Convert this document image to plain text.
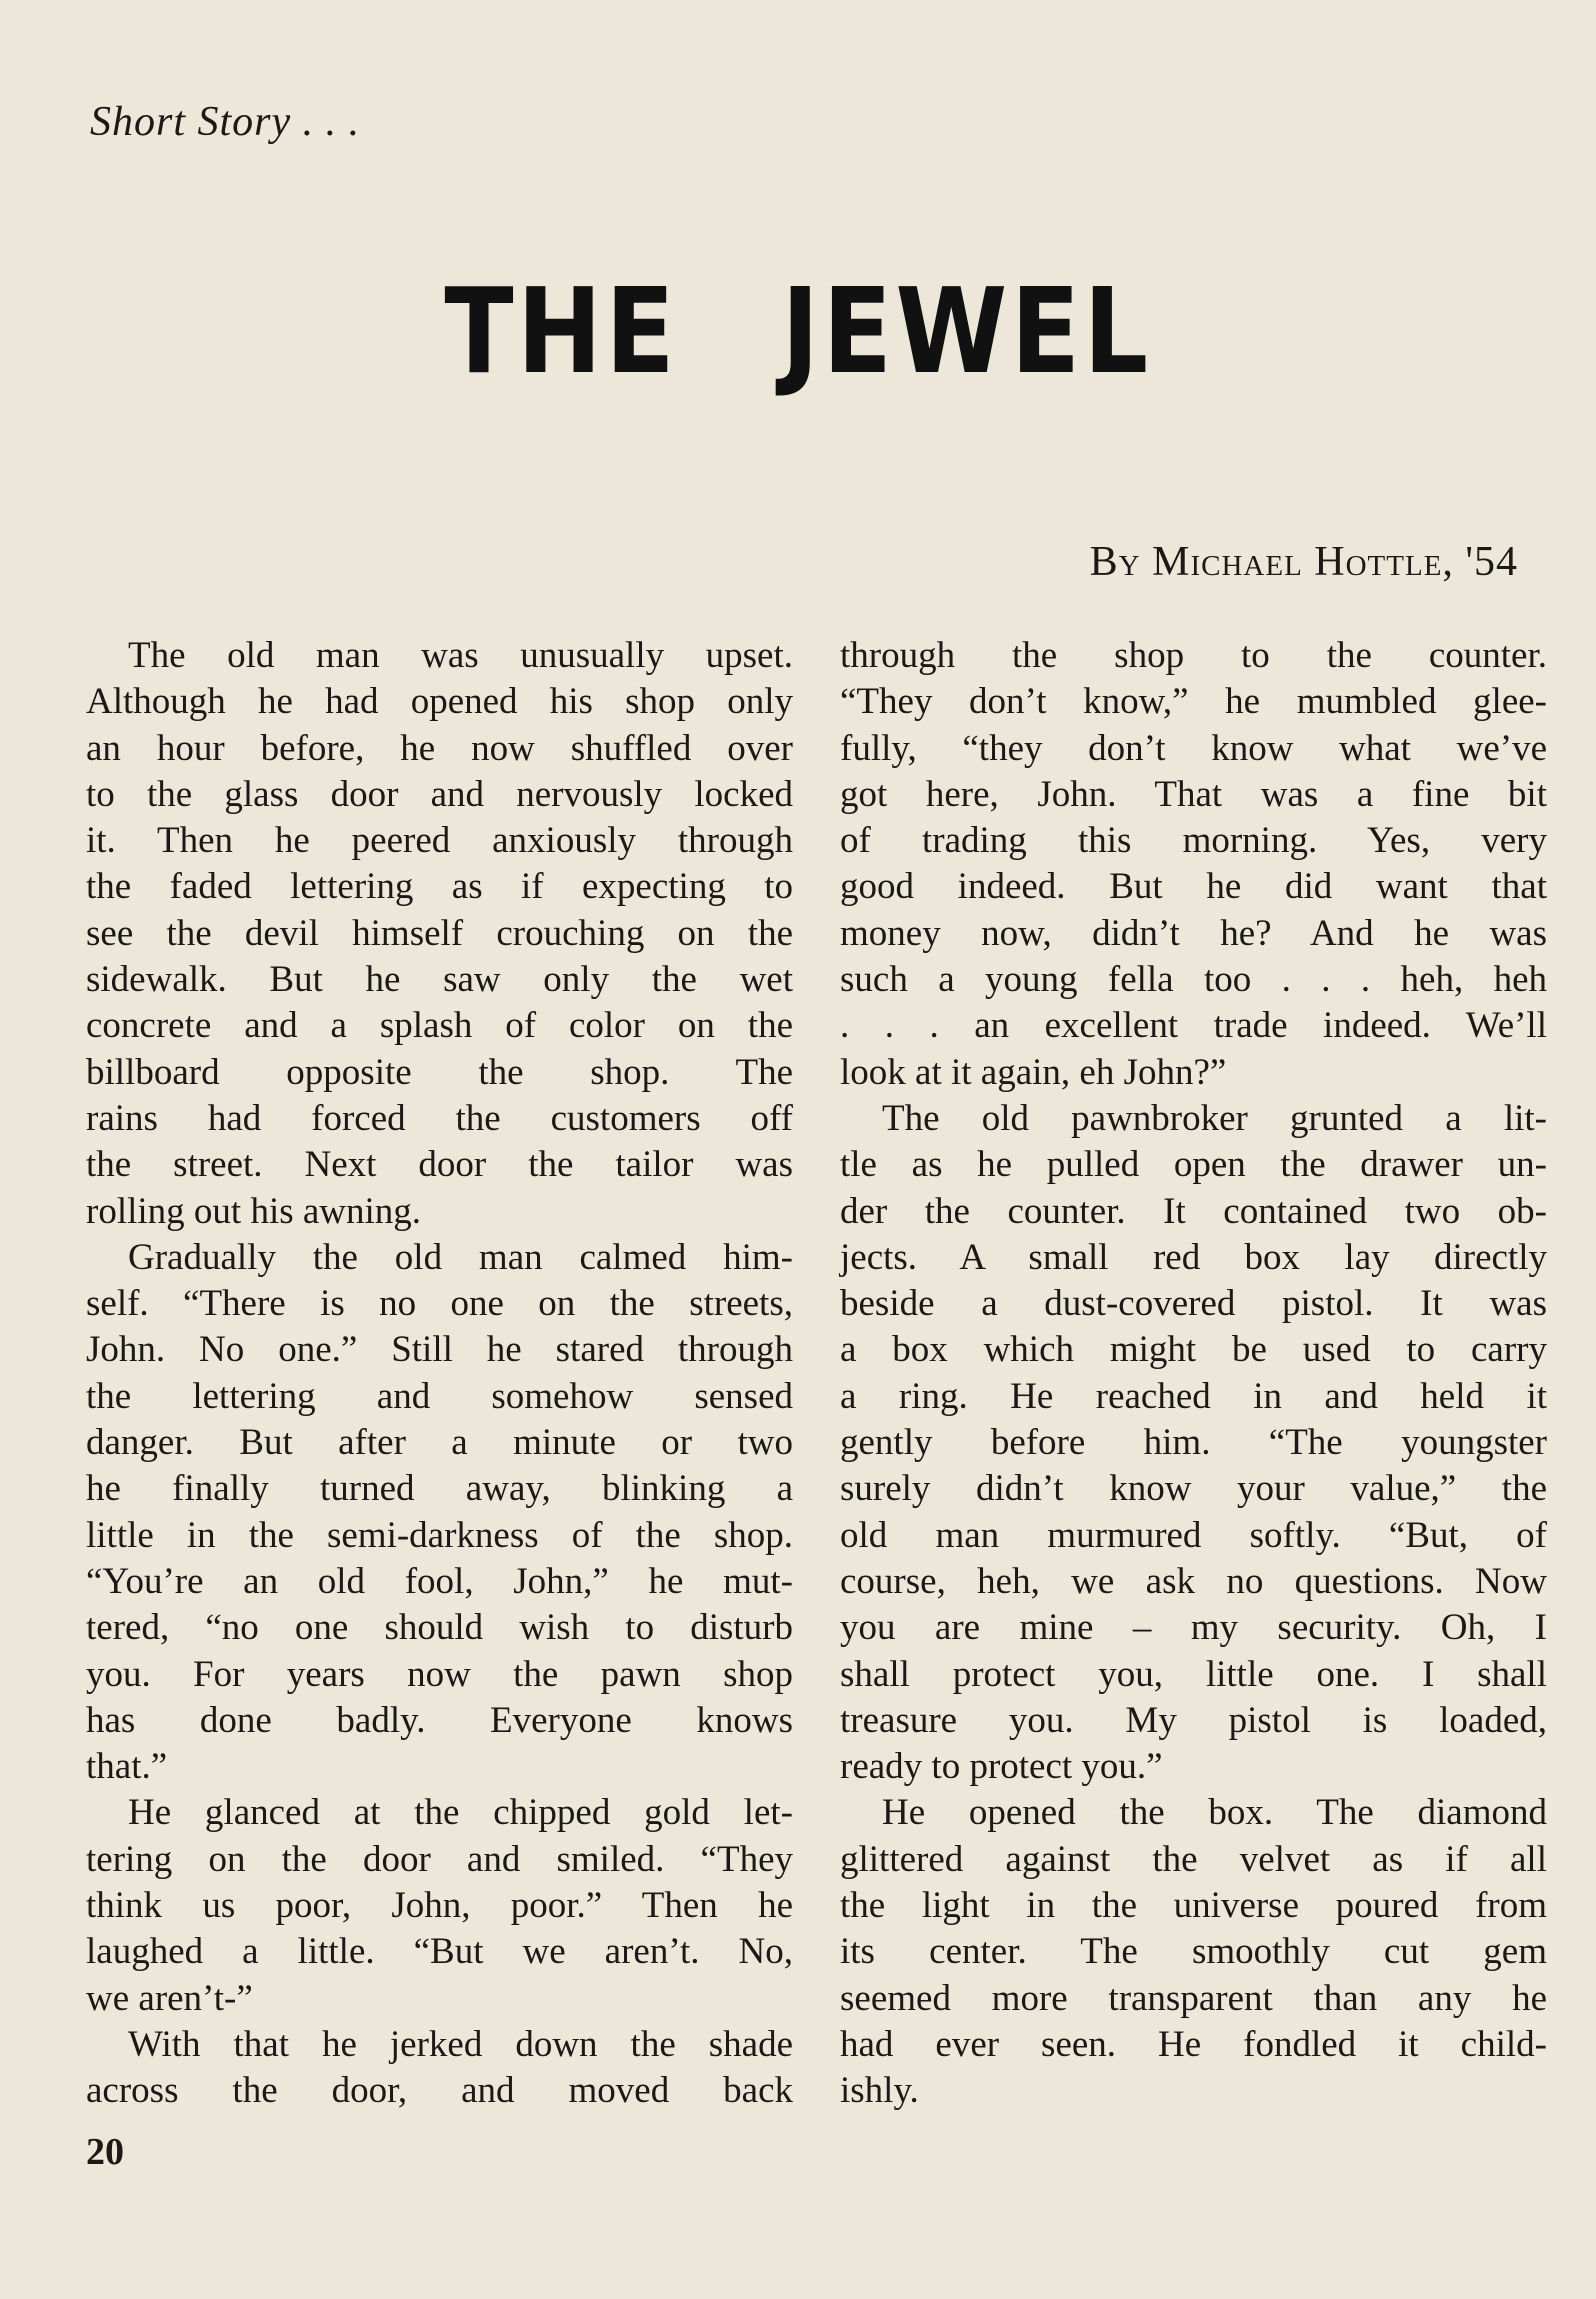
Short Story . . .
THE JEWEL
By Michael Hottle, '54

The old man was unusually upset.

Although he had opened his shop only

an hour before, he now shuffled over

to the glass door and nervously locked

it. Then he peered anxiously through

the faded lettering as if expecting to

see the devil himself crouching on the

sidewalk. But he saw only the wet

concrete and a splash of color on the

billboard opposite the shop. The

rains had forced the customers off

the street. Next door the tailor was

rolling out his awning.

Gradually the old man calmed him-

self. “There is no one on the streets,

John. No one.” Still he stared through

the lettering and somehow sensed

danger. But after a minute or two

he finally turned away, blinking a

little in the semi-darkness of the shop.

“You’re an old fool, John,” he mut-

tered, “no one should wish to disturb

you. For years now the pawn shop

has done badly. Everyone knows

that.”

He glanced at the chipped gold let-

tering on the door and smiled. “They

think us poor, John, poor.” Then he

laughed a little. “But we aren’t. No,

we aren’t-”

With that he jerked down the shade

across the door, and moved back

through the shop to the counter.

“They don’t know,” he mumbled glee-

fully, “they don’t know what we’ve

got here, John. That was a fine bit

of trading this morning. Yes, very

good indeed. But he did want that

money now, didn’t he? And he was

such a young fella too . . . heh, heh

. . . an excellent trade indeed. We’ll

look at it again, eh John?”

The old pawnbroker grunted a lit-

tle as he pulled open the drawer un-

der the counter. It contained two ob-

jects. A small red box lay directly

beside a dust-covered pistol. It was

a box which might be used to carry

a ring. He reached in and held it

gently before him. “The youngster

surely didn’t know your value,” the

old man murmured softly. “But, of

course, heh, we ask no questions. Now

you are mine – my security. Oh, I

shall protect you, little one. I shall

treasure you. My pistol is loaded,

ready to protect you.”

He opened the box. The diamond

glittered against the velvet as if all

the light in the universe poured from

its center. The smoothly cut gem

seemed more transparent than any he

had ever seen. He fondled it child-

ishly.

20
